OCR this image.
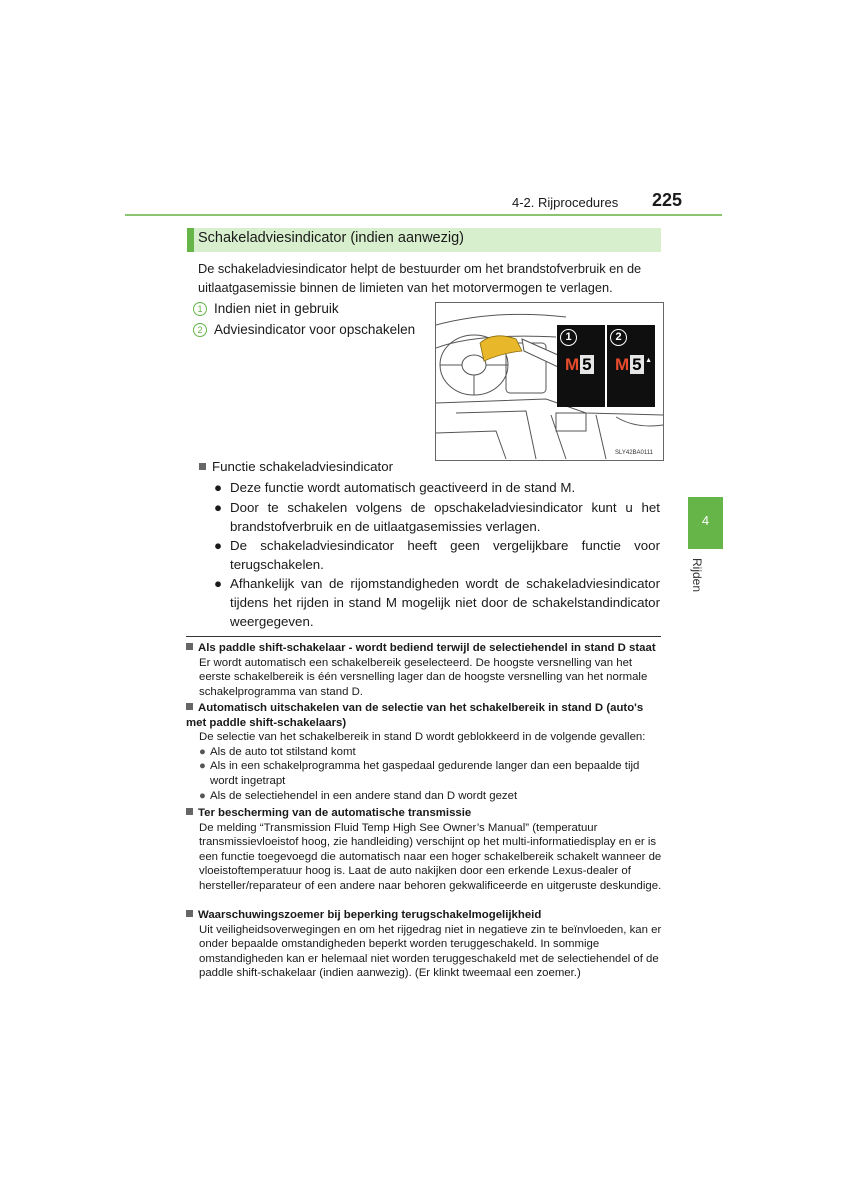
4-2. Rijprocedures 225
4
Rijden
Schakeladviesindicator (indien aanwezig)
De schakeladviesindicator helpt de bestuurder om het brandstofverbruik en de uitlaatgasemissie binnen de limieten van het motorvermogen te verlagen.
1 Indien niet in gebruik
2 Adviesindicator voor opschakelen	1
M 5
2
M 5 ▲
SLY42BA0111
Functie schakeladviesindicator
● Deze functie wordt automatisch geactiveerd in de stand M.
● Door te schakelen volgens de opschakeladviesindicator kunt u het brandstofverbruik en de uitlaatgasemissies verlagen.
● De schakeladviesindicator heeft geen vergelijkbare functie voor terugschakelen.
● Afhankelijk van de rijomstandigheden wordt de schakeladviesindicator tijdens het rijden in stand M mogelijk niet door de schakelstandindicator weergegeven.
Als paddle shift-schakelaar - wordt bediend terwijl de selectiehendel in stand D staat
Er wordt automatisch een schakelbereik geselecteerd. De hoogste versnelling van het eerste schakelbereik is één versnelling lager dan de hoogste versnelling van het normale schakelprogramma van stand D.
Automatisch uitschakelen van de selectie van het schakelbereik in stand D (auto's met paddle shift-schakelaars)
De selectie van het schakelbereik in stand D wordt geblokkeerd in de volgende gevallen:
● Als de auto tot stilstand komt
● Als in een schakelprogramma het gaspedaal gedurende langer dan een bepaalde tijd wordt ingetrapt
● Als de selectiehendel in een andere stand dan D wordt gezet
Ter bescherming van de automatische transmissie
De melding “Transmission Fluid Temp High See Owner’s Manual” (temperatuur transmissievloeistof hoog, zie handleiding) verschijnt op het multi-informatiedisplay en er is een functie toegevoegd die automatisch naar een hoger schakelbereik schakelt wanneer de vloeistoftemperatuur hoog is. Laat de auto nakijken door een erkende Lexus-dealer of hersteller/reparateur of een andere naar behoren gekwalificeerde en uitgeruste deskundige.
Waarschuwingszoemer bij beperking terugschakelmogelijkheid
Uit veiligheidsoverwegingen en om het rijgedrag niet in negatieve zin te beïnvloeden, kan er onder bepaalde omstandigheden beperkt worden teruggeschakeld. In sommige omstandigheden kan er helemaal niet worden teruggeschakeld met de selectiehendel of de paddle shift-schakelaar (indien aanwezig). (Er klinkt tweemaal een zoemer.)
